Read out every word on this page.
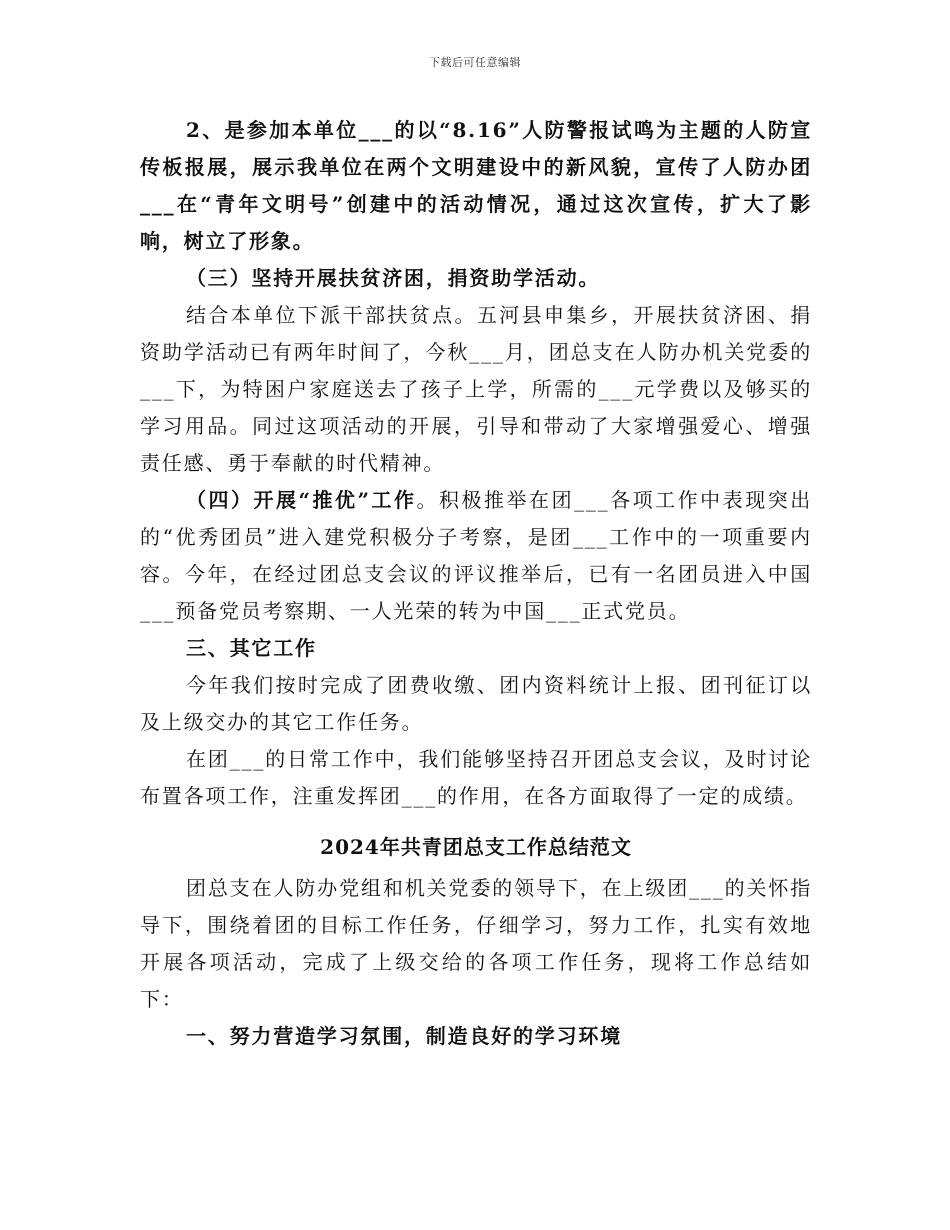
下载后可任意编辑

2、是参加本单位___的以“8.16”人防警报试鸣为主题的人防宣传板报展，展示我单位在两个文明建设中的新风貌，宣传了人防办团___在“青年文明号”创建中的活动情况，通过这次宣传，扩大了影响，树立了形象。

（三）坚持开展扶贫济困，捐资助学活动。

结合本单位下派干部扶贫点。五河县申集乡，开展扶贫济困、捐资助学活动已有两年时间了，今秋___月，团总支在人防办机关党委的___下，为特困户家庭送去了孩子上学，所需的___元学费以及够买的学习用品。同过这项活动的开展，引导和带动了大家增强爱心、增强责任感、勇于奉献的时代精神。

（四）开展“推优”工作。积极推举在团___各项工作中表现突出的“优秀团员”进入建党积极分子考察，是团___工作中的一项重要内容。今年，在经过团总支会议的评议推举后，已有一名团员进入中国___预备党员考察期、一人光荣的转为中国___正式党员。

三、其它工作

今年我们按时完成了团费收缴、团内资料统计上报、团刊征订以及上级交办的其它工作任务。

在团___的日常工作中，我们能够坚持召开团总支会议，及时讨论布置各项工作，注重发挥团___的作用，在各方面取得了一定的成绩。

2024年共青团总支工作总结范文

团总支在人防办党组和机关党委的领导下，在上级团___的关怀指导下，围绕着团的目标工作任务，仔细学习，努力工作，扎实有效地开展各项活动，完成了上级交给的各项工作任务，现将工作总结如下：

一、努力营造学习氛围，制造良好的学习环境
